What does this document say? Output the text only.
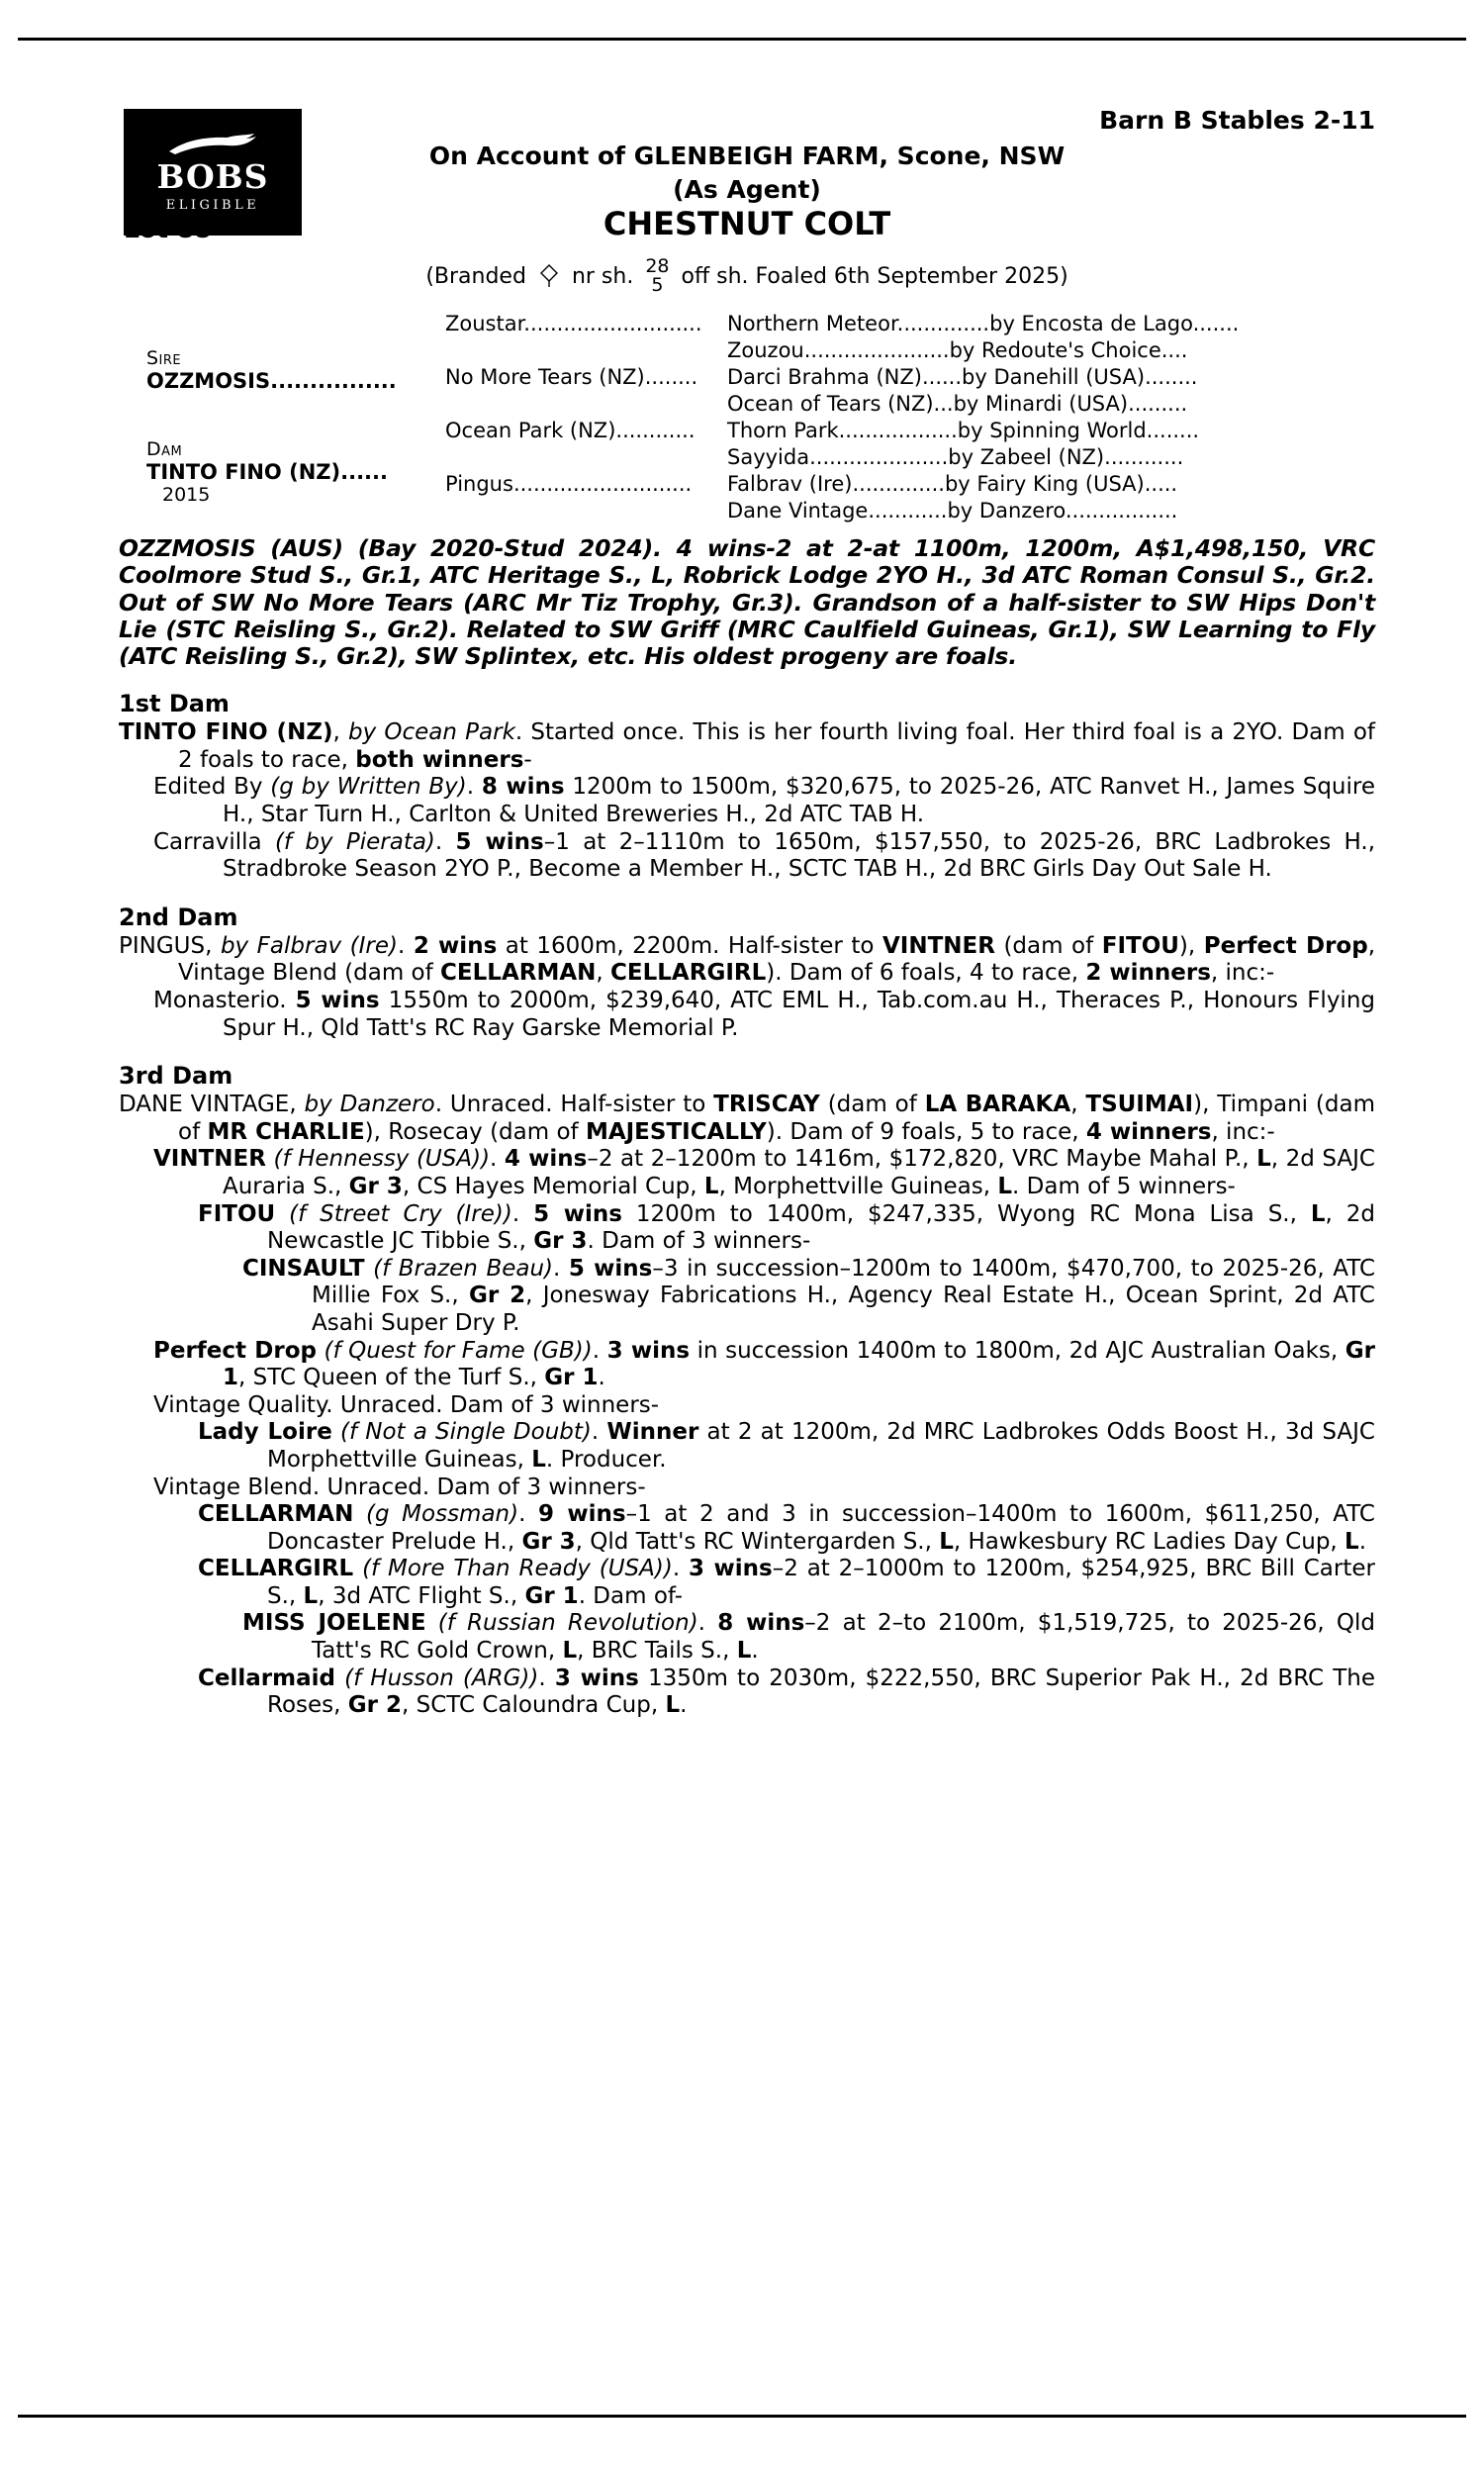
BOBS
ELIGIBLE
Barn B Stables 2-11
On Account of GLENBEIGH FARM, Scone, NSW
(As Agent)
Lot 88	CHESTNUT COLT
(Branded nr sh. 28
5 off sh. Foaled 6th September 2025)
Sire
OZZMOSIS................
Dam
TINTO FINO (NZ)......
2015
Zoustar...........................
No More Tears (NZ)........
Ocean Park (NZ)............
Pingus...........................
Northern Meteor..............by Encosta de Lago.......
Zouzou......................by Redoute's Choice....
Darci Brahma (NZ)......by Danehill (USA)........
Ocean of Tears (NZ)...by Minardi (USA).........
Thorn Park..................by Spinning World........
Sayyida.....................by Zabeel (NZ)............
Falbrav (Ire)..............by Fairy King (USA).....
Dane Vintage............by Danzero.................
OZZMOSIS (AUS) (Bay 2020-Stud 2024). 4 wins-2 at 2-at 1100m, 1200m, A$1,498,150, VRC Coolmore Stud S., Gr.1, ATC Heritage S., L, Robrick Lodge 2YO H., 3d ATC Roman Consul S., Gr.2. Out of SW No More Tears (ARC Mr Tiz Trophy, Gr.3). Grandson of a half-sister to SW Hips Don't Lie (STC Reisling S., Gr.2). Related to SW Griff (MRC Caulfield Guineas, Gr.1), SW Learning to Fly (ATC Reisling S., Gr.2), SW Splintex, etc. His oldest progeny are foals.
1st Dam
TINTO FINO (NZ), by Ocean Park. Started once. This is her fourth living foal. Her third foal is a 2YO. Dam of 2 foals to race, both winners-
Edited By (g by Written By). 8 wins 1200m to 1500m, $320,675, to 2025-26, ATC Ranvet H., James Squire H., Star Turn H., Carlton & United Breweries H., 2d ATC TAB H.
Carravilla (f by Pierata). 5 wins–1 at 2–1110m to 1650m, $157,550, to 2025-26, BRC Ladbrokes H., Stradbroke Season 2YO P., Become a Member H., SCTC TAB H., 2d BRC Girls Day Out Sale H.
2nd Dam
PINGUS, by Falbrav (Ire). 2 wins at 1600m, 2200m. Half-sister to VINTNER (dam of FITOU), Perfect Drop, Vintage Blend (dam of CELLARMAN, CELLARGIRL). Dam of 6 foals, 4 to race, 2 winners, inc:-
Monasterio. 5 wins 1550m to 2000m, $239,640, ATC EML H., Tab.com.au H., Theraces P., Honours Flying Spur H., Qld Tatt's RC Ray Garske Memorial P.
3rd Dam
DANE VINTAGE, by Danzero. Unraced. Half-sister to TRISCAY (dam of LA BARAKA, TSUIMAI), Timpani (dam of MR CHARLIE), Rosecay (dam of MAJESTICALLY). Dam of 9 foals, 5 to race, 4 winners, inc:-
VINTNER (f Hennessy (USA)). 4 wins–2 at 2–1200m to 1416m, $172,820, VRC Maybe Mahal P., L, 2d SAJC Auraria S., Gr 3, CS Hayes Memorial Cup, L, Morphettville Guineas, L. Dam of 5 winners-
FITOU (f Street Cry (Ire)). 5 wins 1200m to 1400m, $247,335, Wyong RC Mona Lisa S., L, 2d Newcastle JC Tibbie S., Gr 3. Dam of 3 winners-
CINSAULT (f Brazen Beau). 5 wins–3 in succession–1200m to 1400m, $470,700, to 2025-26, ATC Millie Fox S., Gr 2, Jonesway Fabrications H., Agency Real Estate H., Ocean Sprint, 2d ATC Asahi Super Dry P.
Perfect Drop (f Quest for Fame (GB)). 3 wins in succession 1400m to 1800m, 2d AJC Australian Oaks, Gr 1, STC Queen of the Turf S., Gr 1.
Vintage Quality. Unraced. Dam of 3 winners-
Lady Loire (f Not a Single Doubt). Winner at 2 at 1200m, 2d MRC Ladbrokes Odds Boost H., 3d SAJC Morphettville Guineas, L. Producer.
Vintage Blend. Unraced. Dam of 3 winners-
CELLARMAN (g Mossman). 9 wins–1 at 2 and 3 in succession–1400m to 1600m, $611,250, ATC Doncaster Prelude H., Gr 3, Qld Tatt's RC Wintergarden S., L, Hawkesbury RC Ladies Day Cup, L.
CELLARGIRL (f More Than Ready (USA)). 3 wins–2 at 2–1000m to 1200m, $254,925, BRC Bill Carter S., L, 3d ATC Flight S., Gr 1. Dam of-
MISS JOELENE (f Russian Revolution). 8 wins–2 at 2–to 2100m, $1,519,725, to 2025-26, Qld Tatt's RC Gold Crown, L, BRC Tails S., L.
Cellarmaid (f Husson (ARG)). 3 wins 1350m to 2030m, $222,550, BRC Superior Pak H., 2d BRC The Roses, Gr 2, SCTC Caloundra Cup, L.
